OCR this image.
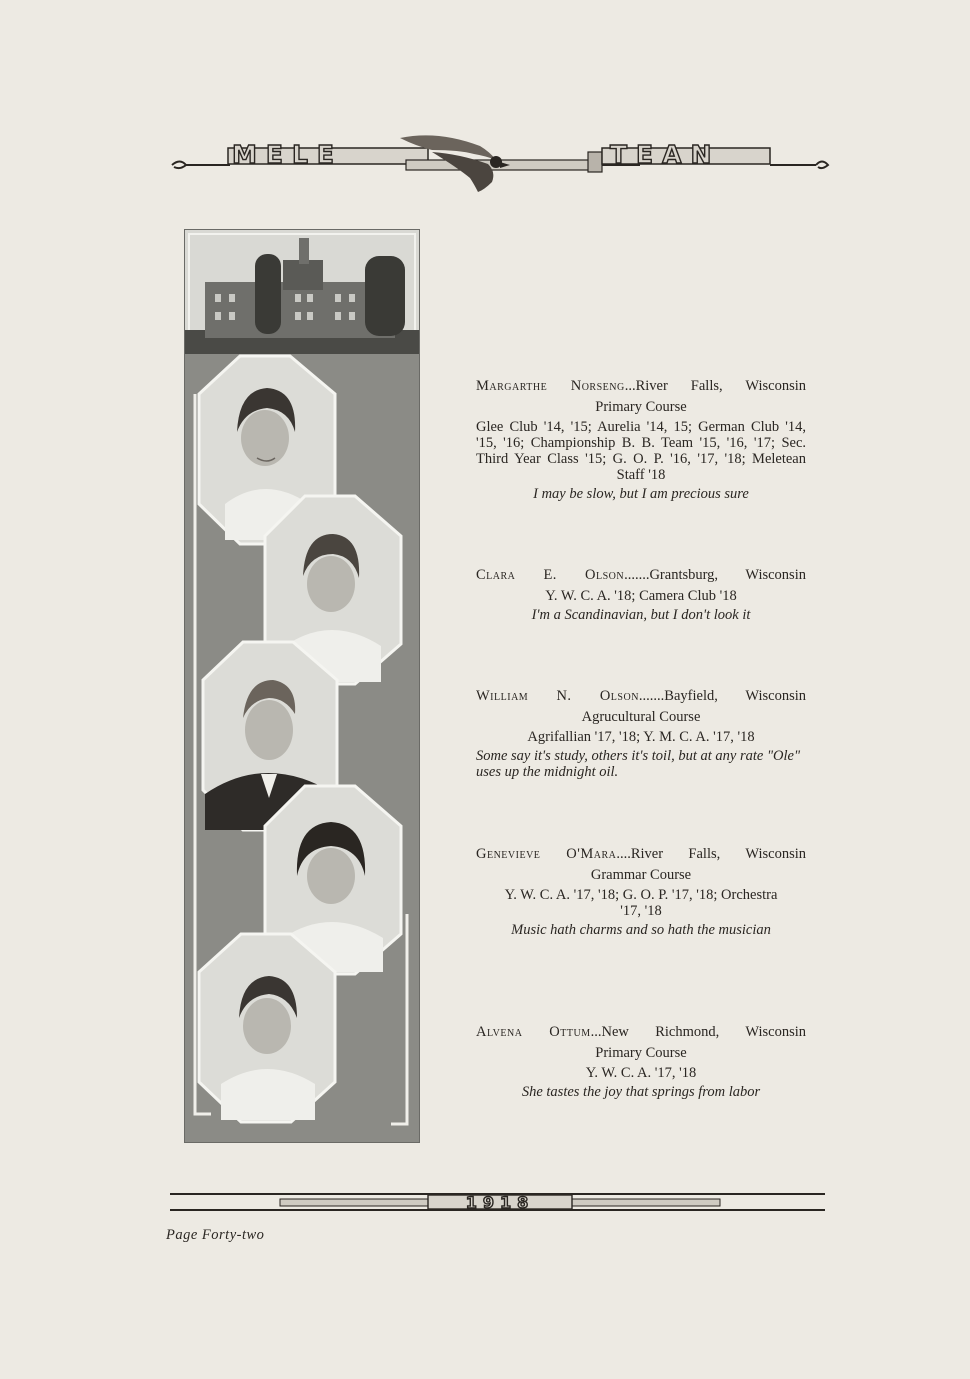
MELE	TEAN

Margarthe Norseng...River Falls, Wisconsin

Primary Course

Glee Club '14, '15; Aurelia '14, 15; German Club '14, '15, '16; Championship B. B. Team '15, '16, '17; Sec. Third Year Class '15; G. O. P. '16, '17, '18; Meletean Staff '18

I may be slow, but I am precious sure

Clara E. Olson.......Grantsburg, Wisconsin

Y. W. C. A. '18; Camera Club '18

I'm a Scandinavian, but I don't look it

William N. Olson.......Bayfield, Wisconsin

Agrucultural Course

Agrifallian '17, '18; Y. M. C. A. '17, '18

Some say it's study, others it's toil, but at any rate "Ole" uses up the midnight oil.

Genevieve O'Mara....River Falls, Wisconsin

Grammar Course

Y. W. C. A. '17, '18; G. O. P. '17, '18; Orchestra '17, '18

Music hath charms and so hath the musician

Alvena Ottum...New Richmond, Wisconsin

Primary Course

Y. W. C. A. '17, '18

She tastes the joy that springs from labor

1918
Page Forty-two
